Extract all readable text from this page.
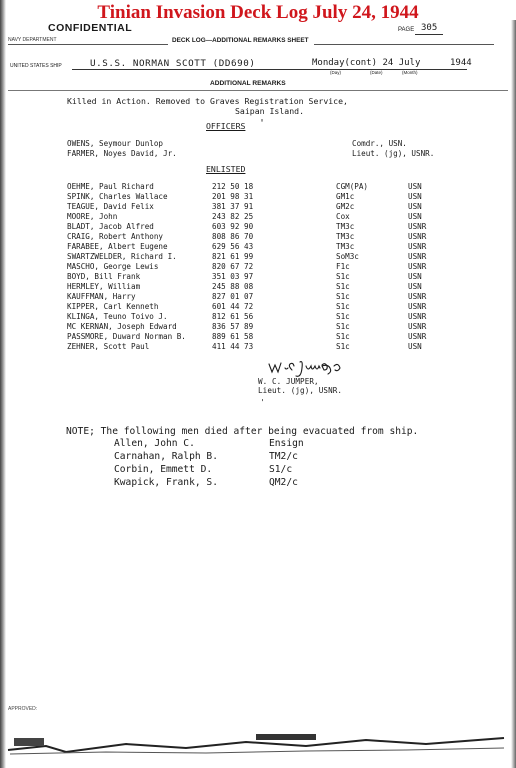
Tinian Invasion Deck Log July 24, 1944
CONFIDENTIAL	PAGE 305
NAVY DEPARTMENT	DECK LOG—ADDITIONAL REMARKS SHEET
UNITED STATES SHIP	U.S.S. NORMAN SCOTT (DD690)	Monday(cont) 24 July	1944
(Day)	(Date)	(Month)
ADDITIONAL REMARKS
Killed in Action. Removed to Graves Registration Service,
Saipan Island.
OFFICERS '
OWENS, Seymour Dunlop	Comdr., USN.
FARMER, Noyes David, Jr.	Lieut. (jg), USNR.
ENLISTED
OEHME, Paul Richard	212 50 18	CGM(PA)	USN
SPINK, Charles Wallace	201 98 31	GM1c	USN
TEAGUE, David Felix	381 37 91	GM2c	USN
MOORE, John	243 82 25	Cox	USN
BLADT, Jacob Alfred	603 92 90	TM3c	USNR
CRAIG, Robert Anthony	808 86 70	TM3c	USNR
FARABEE, Albert Eugene	629 56 43	TM3c	USNR
SWARTZWELDER, Richard I.	821 61 99	SoM3c	USNR
MASCHO, George Lewis	820 67 72	F1c	USNR
BOYD, Bill Frank	351 03 97	S1c	USN
HERMLEY, William	245 88 08	S1c	USN
KAUFFMAN, Harry	827 01 07	S1c	USNR
KIPPER, Carl Kenneth	601 44 72	S1c	USNR
KLINGA, Teuno Toivo J.	812 61 56	S1c	USNR
MC KERNAN, Joseph Edward	836 57 89	S1c	USNR
PASSMORE, Duward Norman B.	889 61 58	S1c	USNR
ZEHNER, Scott Paul	411 44 73	S1c	USN
W. C. JUMPER,
Lieut. (jg), USNR.
'
NOTE; The following men died after being evacuated from ship.
Allen, John C.	Ensign
Carnahan, Ralph B.	TM2/c
Corbin, Emmett D.	S1/c
Kwapick, Frank, S.	QM2/c
APPROVED:
